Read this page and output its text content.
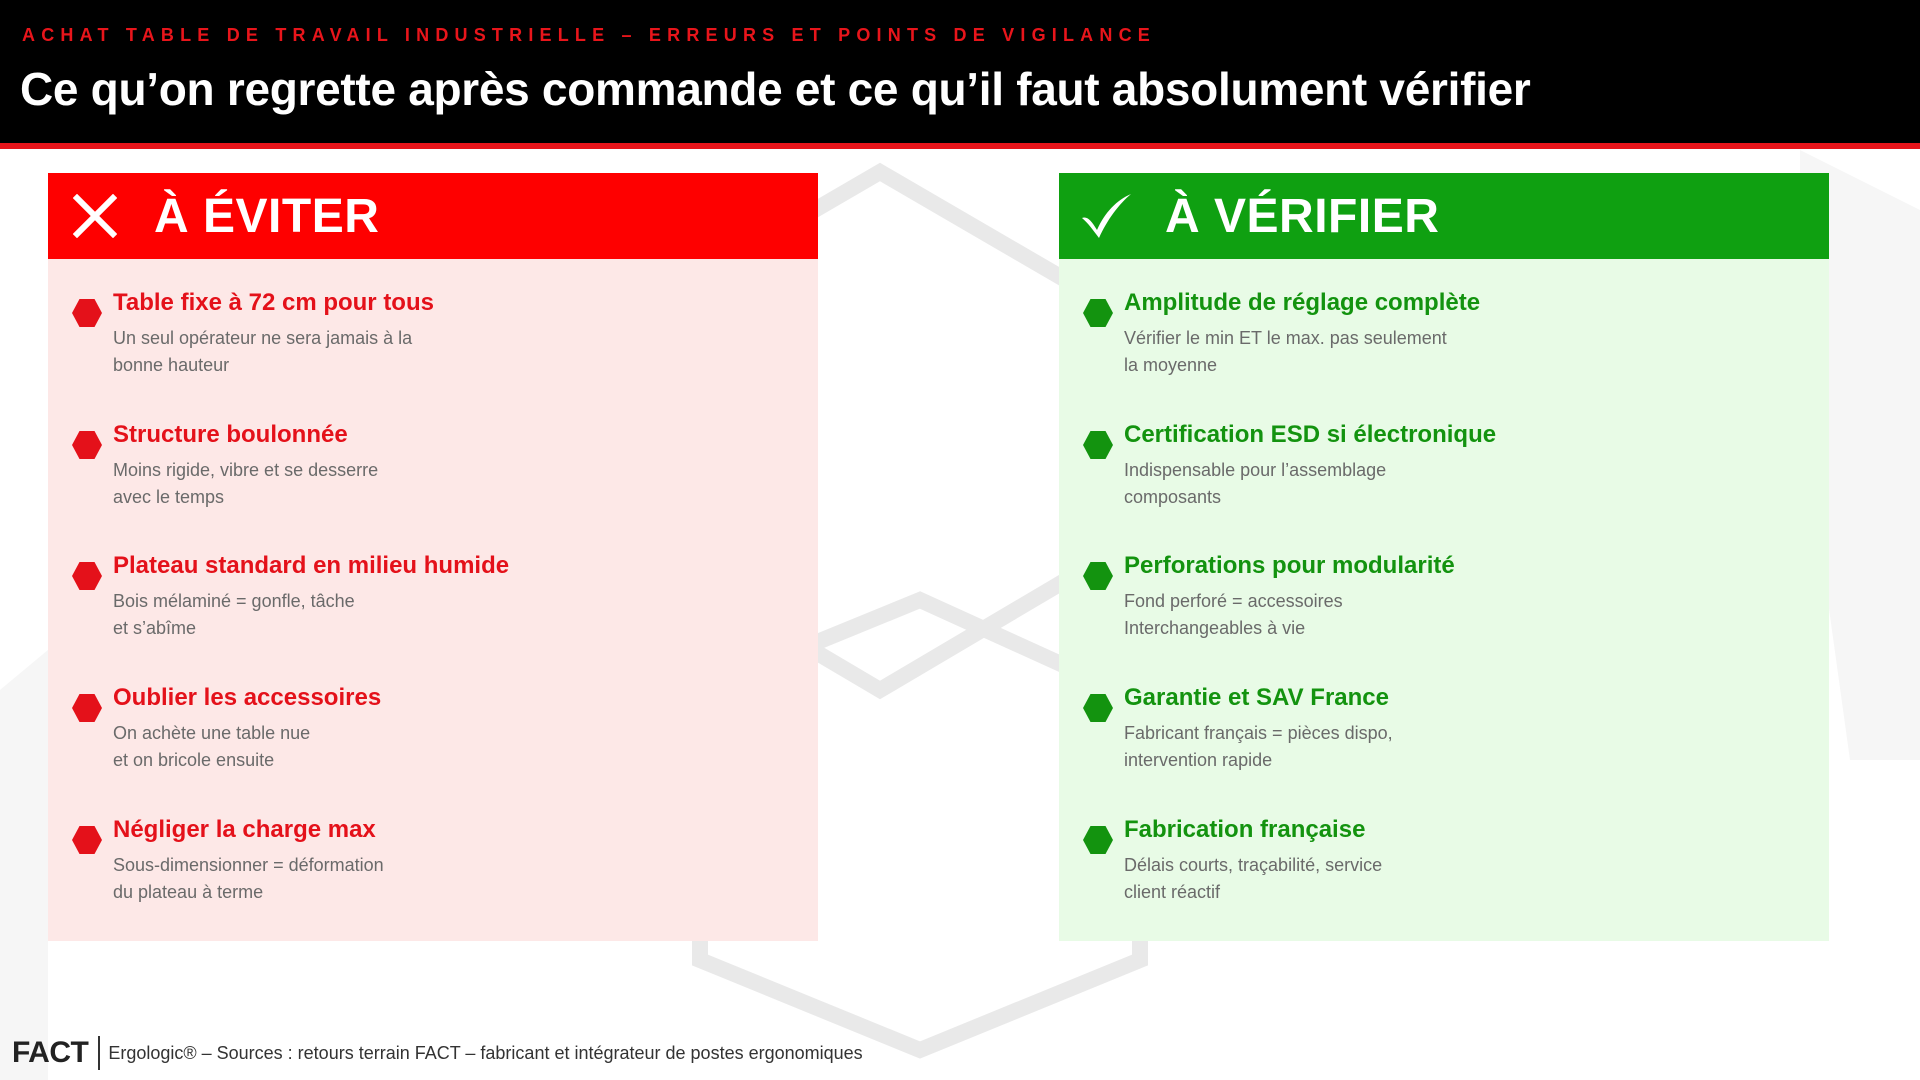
ACHAT TABLE DE TRAVAIL INDUSTRIELLE – ERREURS ET POINTS DE VIGILANCE
Ce qu’on regrette après commande et ce qu’il faut absolument vérifier
À ÉVITER
Table fixe à 72 cm pour tous
Un seul opérateur ne sera jamais à la
bonne hauteur
Structure boulonnée
Moins rigide, vibre et se desserre
avec le temps
Plateau standard en milieu humide
Bois mélaminé = gonfle, tâche
et s’abîme
Oublier les accessoires
On achète une table nue
et on bricole ensuite
Négliger la charge max
Sous-dimensionner = déformation
du plateau à terme
À VÉRIFIER
Amplitude de réglage complète
Vérifier le min ET le max. pas seulement
la moyenne
Certification ESD si électronique
Indispensable pour l’assemblage
composants
Perforations pour modularité
Fond perforé = accessoires
Interchangeables à vie
Garantie et SAV France
Fabricant français = pièces dispo,
intervention rapide
Fabrication française
Délais courts, traçabilité, service
client réactif
FACT Ergologic® – Sources : retours terrain FACT – fabricant et intégrateur de postes ergonomiques
